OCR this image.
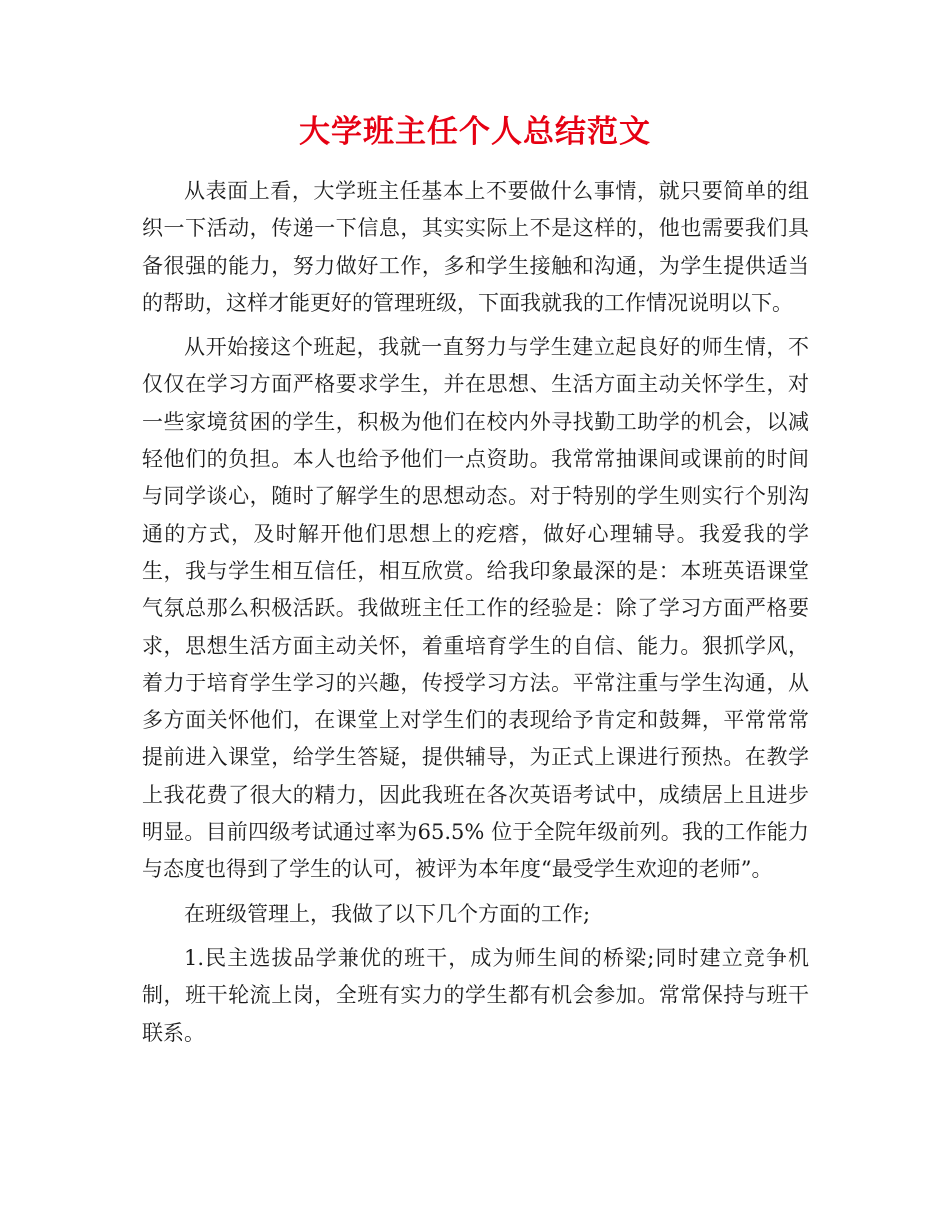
大学班主任个人总结范文

从表面上看，大学班主任基本上不要做什么事情，就只要简单的组织一下活动，传递一下信息，其实实际上不是这样的，他也需要我们具备很强的能力，努力做好工作，多和学生接触和沟通，为学生提供适当的帮助，这样才能更好的管理班级，下面我就我的工作情况说明以下。

从开始接这个班起，我就一直努力与学生建立起良好的师生情，不仅仅在学习方面严格要求学生，并在思想、生活方面主动关怀学生，对一些家境贫困的学生，积极为他们在校内外寻找勤工助学的机会，以减轻他们的负担。本人也给予他们一点资助。我常常抽课间或课前的时间与同学谈心，随时了解学生的思想动态。对于特别的学生则实行个别沟通的方式，及时解开他们思想上的疙瘩，做好心理辅导。我爱我的学生，我与学生相互信任，相互欣赏。给我印象最深的是：本班英语课堂气氛总那么积极活跃。我做班主任工作的经验是：除了学习方面严格要求，思想生活方面主动关怀，着重培育学生的自信、能力。狠抓学风，着力于培育学生学习的兴趣，传授学习方法。平常注重与学生沟通，从多方面关怀他们，在课堂上对学生们的表现给予肯定和鼓舞，平常常常提前进入课堂，给学生答疑，提供辅导，为正式上课进行预热。在教学上我花费了很大的精力，因此我班在各次英语考试中，成绩居上且进步明显。目前四级考试通过率为65.5% 位于全院年级前列。我的工作能力与态度也得到了学生的认可，被评为本年度“最受学生欢迎的老师”。

在班级管理上，我做了以下几个方面的工作;

1.民主选拔品学兼优的班干，成为师生间的桥梁;同时建立竞争机制，班干轮流上岗，全班有实力的学生都有机会参加。常常保持与班干联系。
